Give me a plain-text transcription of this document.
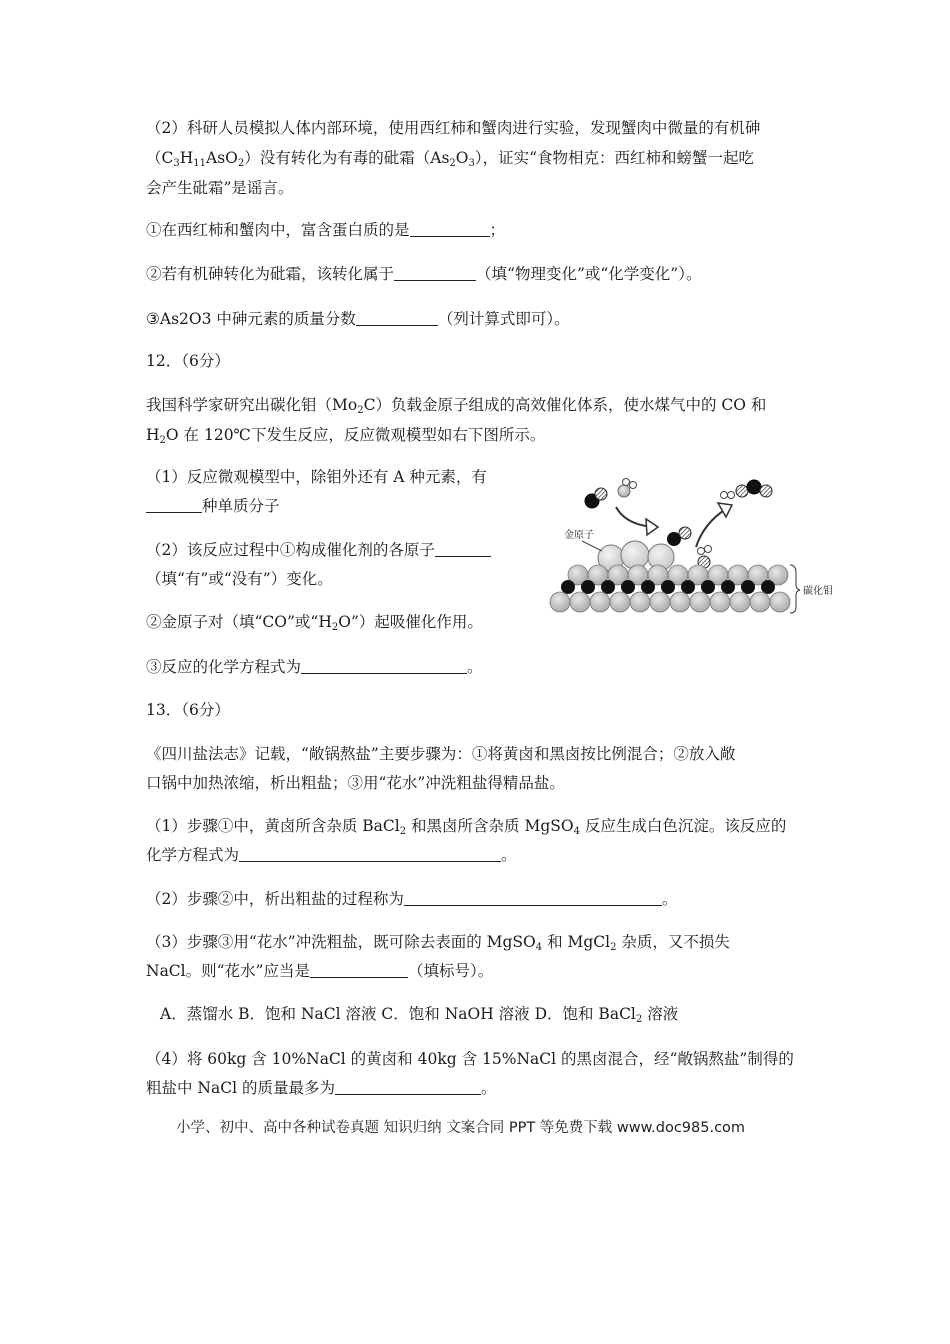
（2）科研人员模拟人体内部环境，使用西红柿和蟹肉进行实验，发现蟹肉中微量的有机砷
$(C_3H_{11}AsO_2)$没有转化为有毒的砒霜$(As_2O_3)$，证实“食物相克：西红柿和螃蟹一起吃
会产生砒霜”是谣言。
①在西红柿和蟹肉中，富含蛋白质的是	；
②若有机砷转化为砒霜，该转化属于	（填“物理变化”或“化学变化”）。
③As2O3 中砷元素的质量分数	（列计算式即可）。
12．（6分）
我国科学家研究出碳化钼$(Mo_2C)$负载金原子组成的高效催化体系，使水煤气中的 CO 和
$H_2O$ 在 120℃下发生反应，反应微观模型如右下图所示。
（1）反应微观模型中，除钼外还有 A 种元素，有
种单质分子
（2）该反应过程中①构成催化剂的各原子
（填“有”或“没有”）变化。
②金原子对（填“CO”或“$H_2O$”）起吸催化作用。
③反应的化学方程式为	。
金原子
碳化钼
13．（6分）
《四川盐法志》记载，“敞锅熬盐”主要步骤为：①将黄卤和黑卤按比例混合；②放入敞
口锅中加热浓缩，析出粗盐；③用“花水”冲洗粗盐得精品盐。
（1）步骤①中，黄卤所含杂质 BaCl$_2$ 和黑卤所含杂质 MgSO$_4$ 反应生成白色沉淀。该反应的
化学方程式为	。
（2）步骤②中，析出粗盐的过程称为	。
（3）步骤③用“花水”冲洗粗盐，既可除去表面的 MgSO$_4$ 和 MgCl$_2$ 杂质，又不损失
NaCl。则“花水”应当是	（填标号）。
A．蒸馏水 B．饱和 NaCl 溶液 C．饱和 NaOH 溶液 D．饱和 BaCl$_2$ 溶液
（4）将 60kg 含 10%NaCl 的黄卤和 40kg 含 15%NaCl 的黑卤混合，经“敞锅熬盐”制得的
粗盐中 NaCl 的质量最多为	。
小学、初中、高中各种试卷真题 知识归纳 文案合同 PPT 等免费下载 www.doc985.com
